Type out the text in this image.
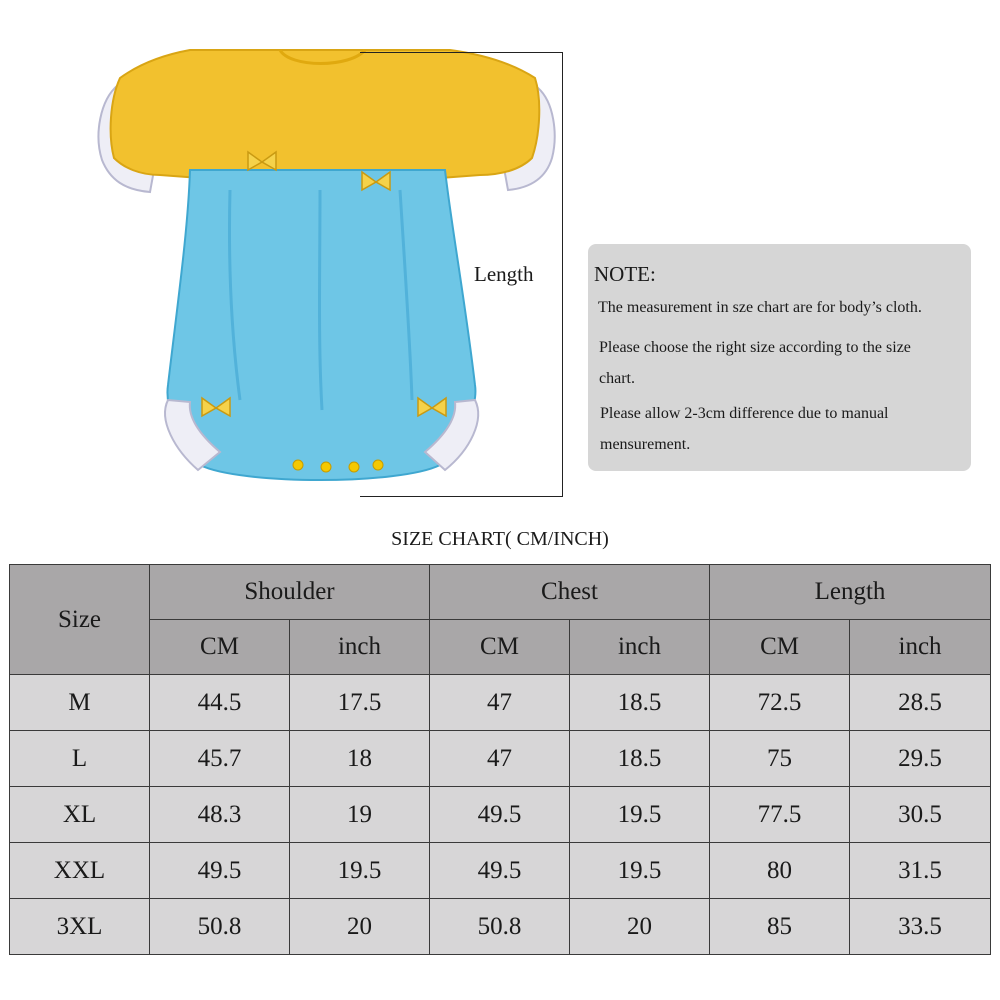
Length	NOTE:
The measurement in sze chart are for body’s cloth.
Please choose the right size according to the size
chart.
Please allow 2-3cm difference due to manual
mensurement.
SIZE CHART( CM/INCH)
Size	Shoulder		Chest		Length	
	CM	inch	CM	inch	CM	inch
M	44.5	17.5	47	18.5	72.5	28.5
L	45.7	18	47	18.5	75	29.5
XL	48.3	19	49.5	19.5	77.5	30.5
XXL	49.5	19.5	49.5	19.5	80	31.5
3XL	50.8	20	50.8	20	85	33.5
